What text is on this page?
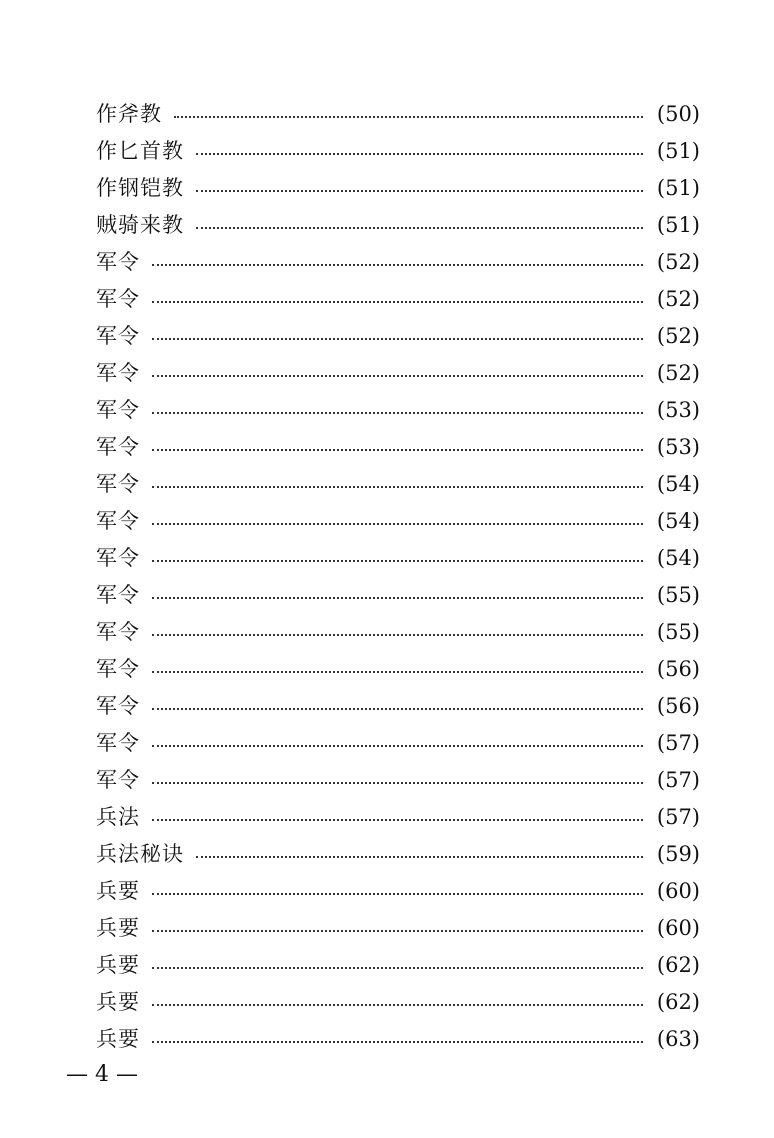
作斧教	(50)
作匕首教	(51)
作钢铠教	(51)
贼骑来教	(51)
军令	(52)
军令	(52)
军令	(52)
军令	(52)
军令	(53)
军令	(53)
军令	(54)
军令	(54)
军令	(54)
军令	(55)
军令	(55)
军令	(56)
军令	(56)
军令	(57)
军令	(57)
兵法	(57)
兵法秘诀	(59)
兵要	(60)
兵要	(60)
兵要	(62)
兵要	(62)
兵要	(63)
— 4 —
